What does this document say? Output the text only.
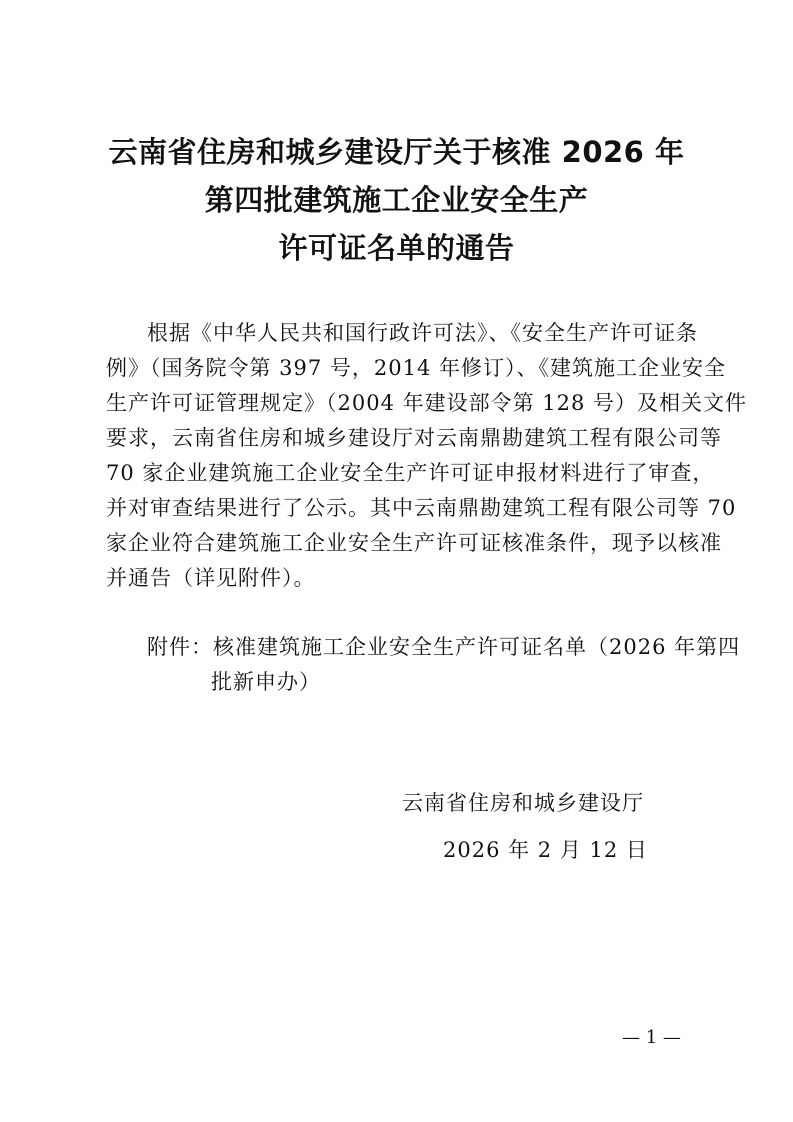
云南省住房和城乡建设厅关于核准 2026 年
第四批建筑施工企业安全生产
许可证名单的通告
根据《中华人民共和国行政许可法》、《安全生产许可证条
例》（国务院令第 397 号，2014 年修订）、《建筑施工企业安全
生产许可证管理规定》（2004 年建设部令第 128 号）及相关文件
要求，云南省住房和城乡建设厅对云南鼎勘建筑工程有限公司等
70 家企业建筑施工企业安全生产许可证申报材料进行了审查，
并对审查结果进行了公示。其中云南鼎勘建筑工程有限公司等 70
家企业符合建筑施工企业安全生产许可证核准条件，现予以核准
并通告（详见附件）。
附件：核准建筑施工企业安全生产许可证名单（2026 年第四
批新申办）
云南省住房和城乡建设厅
2026 年 2 月 12 日
— 1 —
